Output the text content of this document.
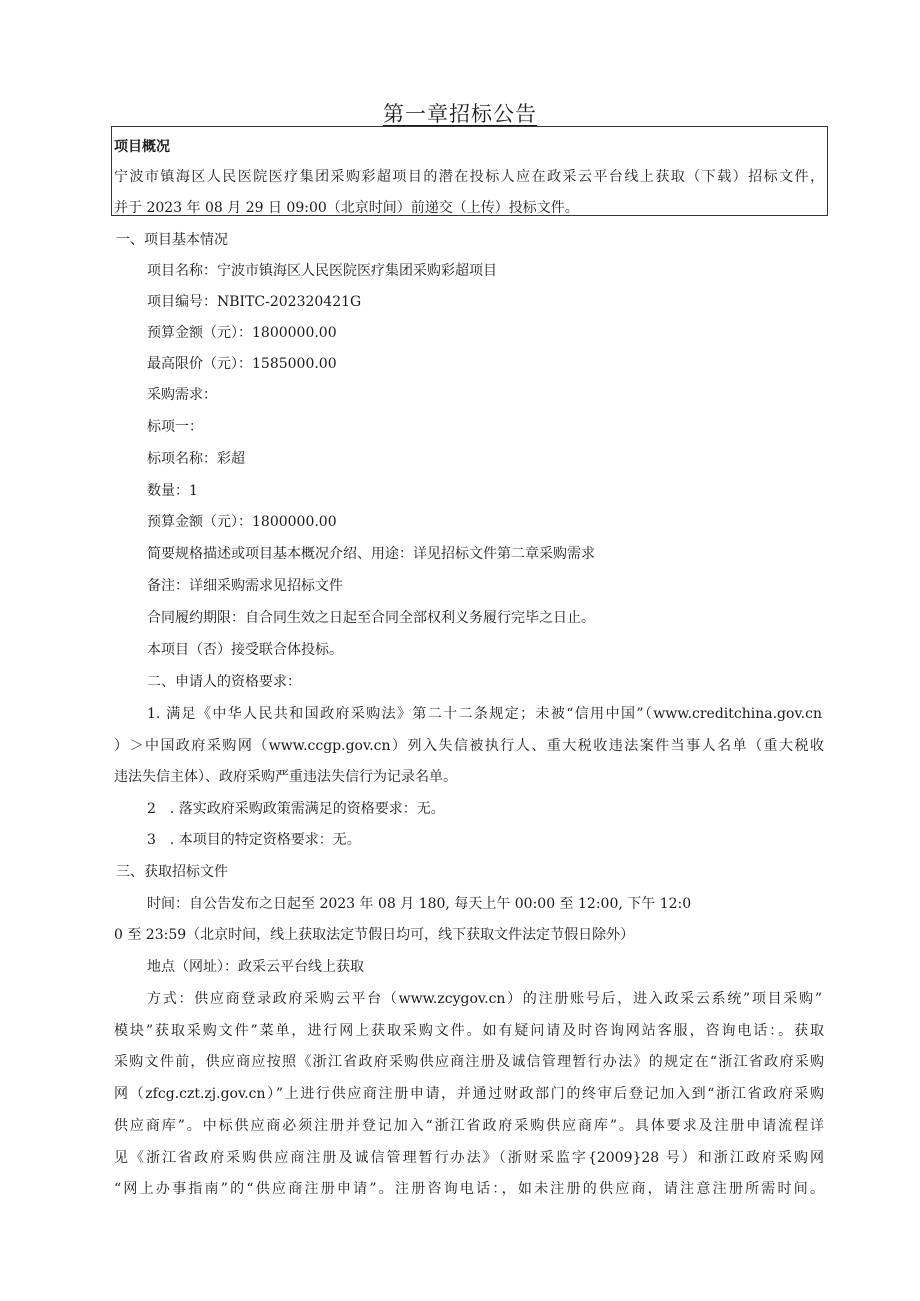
第一章招标公告
项目概况
宁波市镇海区人民医院医疗集团采购彩超项目的潜在投标人应在政采云平台线上获取（下载）招标文件，
并于 2023 年 08 月 29 日 09:00（北京时间）前递交（上传）投标文件。
一、项目基本情况
项目名称：宁波市镇海区人民医院医疗集团采购彩超项目
项目编号：NBITC-202320421G
预算金额（元）：1800000.00
最高限价（元）：1585000.00
采购需求：
标项一：
标项名称：彩超
数量：1
预算金额（元）：1800000.00
简要规格描述或项目基本概况介绍、用途：详见招标文件第二章采购需求
备注：详细采购需求见招标文件
合同履约期限：自合同生效之日起至合同全部权利义务履行完毕之日止。
本项目（否）接受联合体投标。
二、申请人的资格要求：
1. 满足《中华人民共和国政府采购法》第二十二条规定；未被“信用中国”（www.creditchina.gov.cn
）＞中国政府采购网（www.ccgp.gov.cn）列入失信被执行人、重大税收违法案件当事人名单（重大税收
违法失信主体）、政府采购严重违法失信行为记录名单。
2　. 落实政府采购政策需满足的资格要求：无。
3　. 本项目的特定资格要求：无。
三、获取招标文件
时间：自公告发布之日起至 2023 年 08 月 180, 每天上午 00:00 至 12:00, 下午 12:0
0 至 23:59（北京时间，线上获取法定节假日均可，线下获取文件法定节假日除外）
地点（网址）：政采云平台线上获取
方式：供应商登录政府采购云平台（www.zcygov.cn）的注册账号后，进入政采云系统”项目采购”
模块”获取采购文件”菜单，进行网上获取采购文件。如有疑问请及时咨询网站客服，咨询电话：。获取
采购文件前，供应商应按照《浙江省政府采购供应商注册及诚信管理暂行办法》的规定在“浙江省政府采购
网（zfcg.czt.zj.gov.cn）”上进行供应商注册申请，并通过财政部门的终审后登记加入到“浙江省政府采购
供应商库”。中标供应商必须注册并登记加入“浙江省政府采购供应商库”。具体要求及注册申请流程详
见《浙江省政府采购供应商注册及诚信管理暂行办法》（浙财采监字{2009}28 号）和浙江政府采购网
“网上办事指南”的“供应商注册申请”。注册咨询电话：，如未注册的供应商，请注意注册所需时间。
